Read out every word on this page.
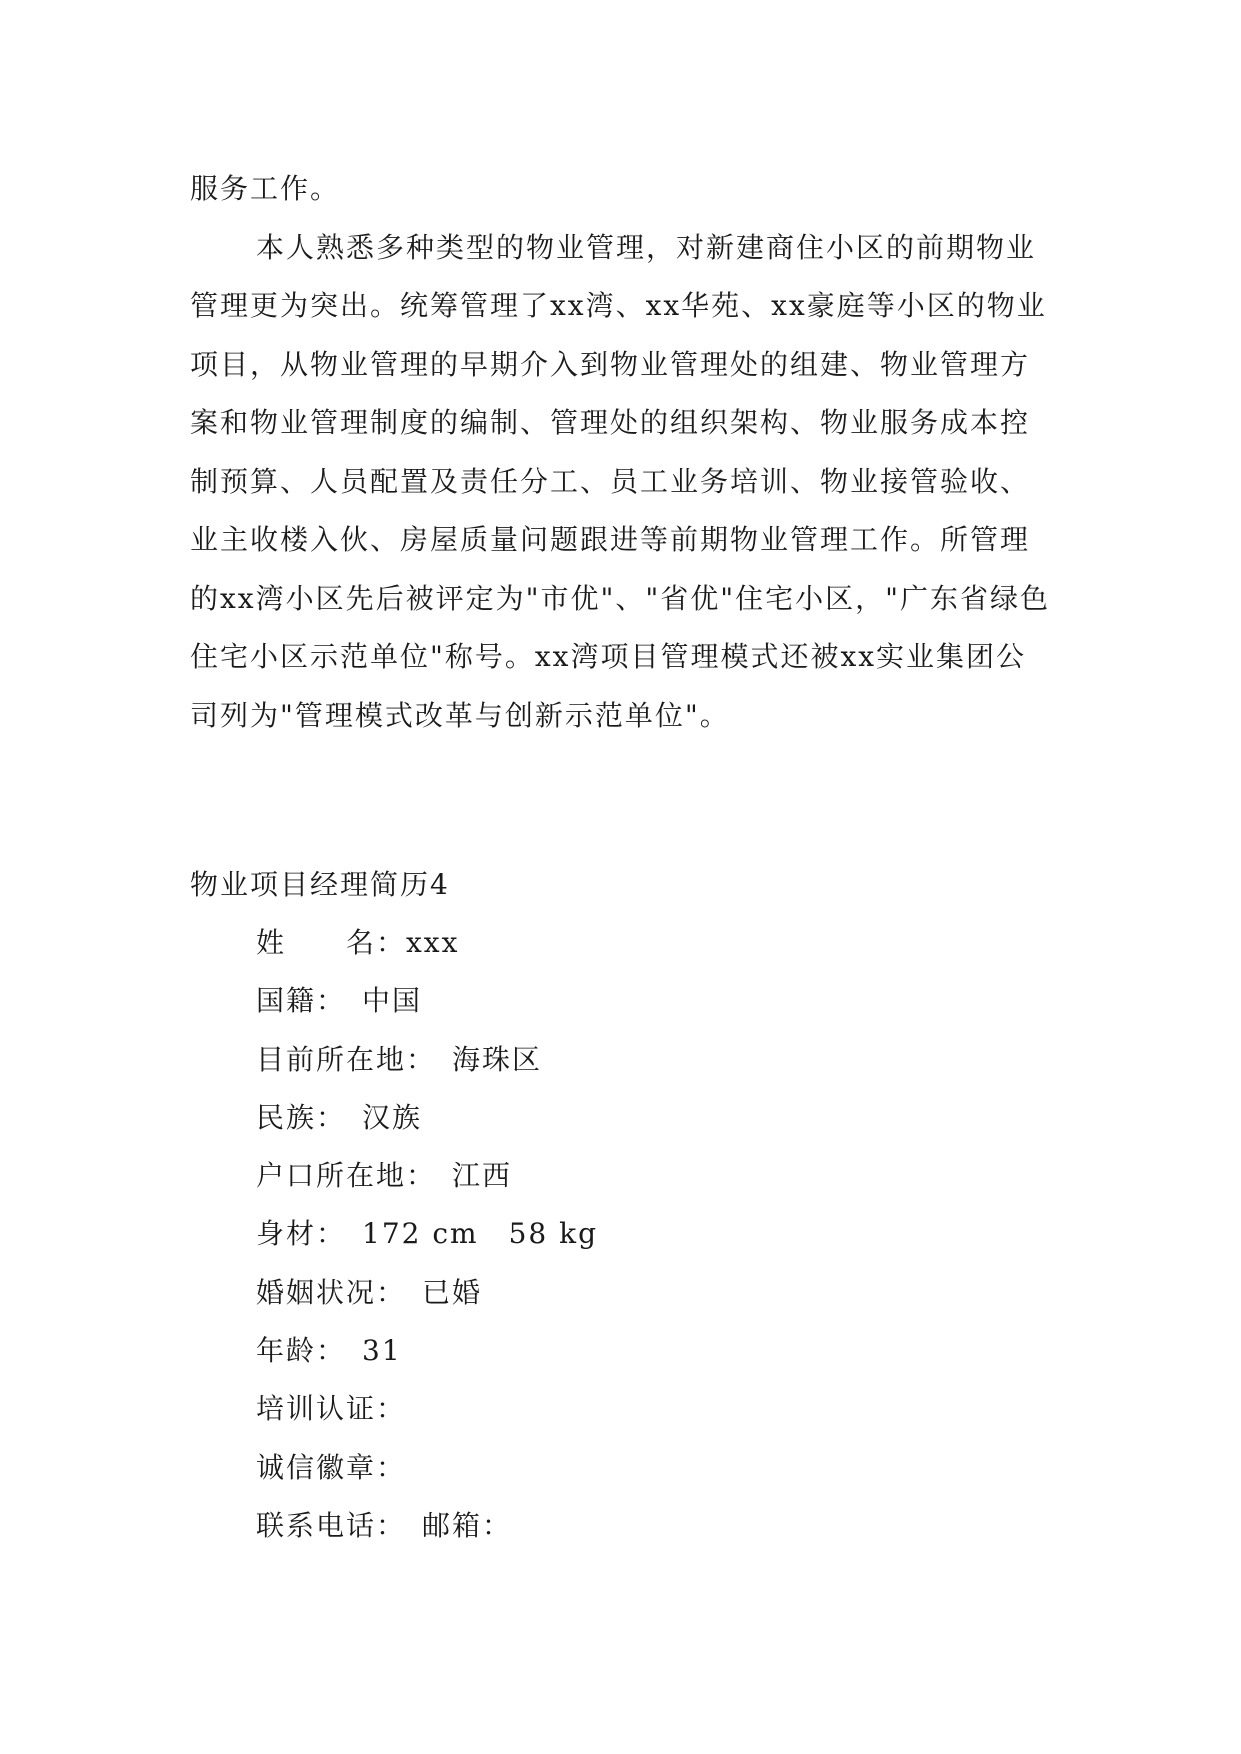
服务工作。

本人熟悉多种类型的物业管理，对新建商住小区的前期物业管理更为突出。统筹管理了xx湾、xx华苑、xx豪庭等小区的物业项目，从物业管理的早期介入到物业管理处的组建、物业管理方案和物业管理制度的编制、管理处的组织架构、物业服务成本控制预算、人员配置及责任分工、员工业务培训、物业接管验收、业主收楼入伙、房屋质量问题跟进等前期物业管理工作。所管理的xx湾小区先后被评定为"市优"、"省优"住宅小区，"广东省绿色住宅小区示范单位"称号。xx湾项目管理模式还被xx实业集团公司列为"管理模式改革与创新示范单位"。

物业项目经理简历4
姓　　名：xxx
国籍：　中国
目前所在地：　海珠区
民族：　汉族
户口所在地：　江西
身材：　172 cm　58 kg
婚姻状况：　已婚
年龄：　31
培训认证：
诚信徽章：
联系电话：　邮箱：
